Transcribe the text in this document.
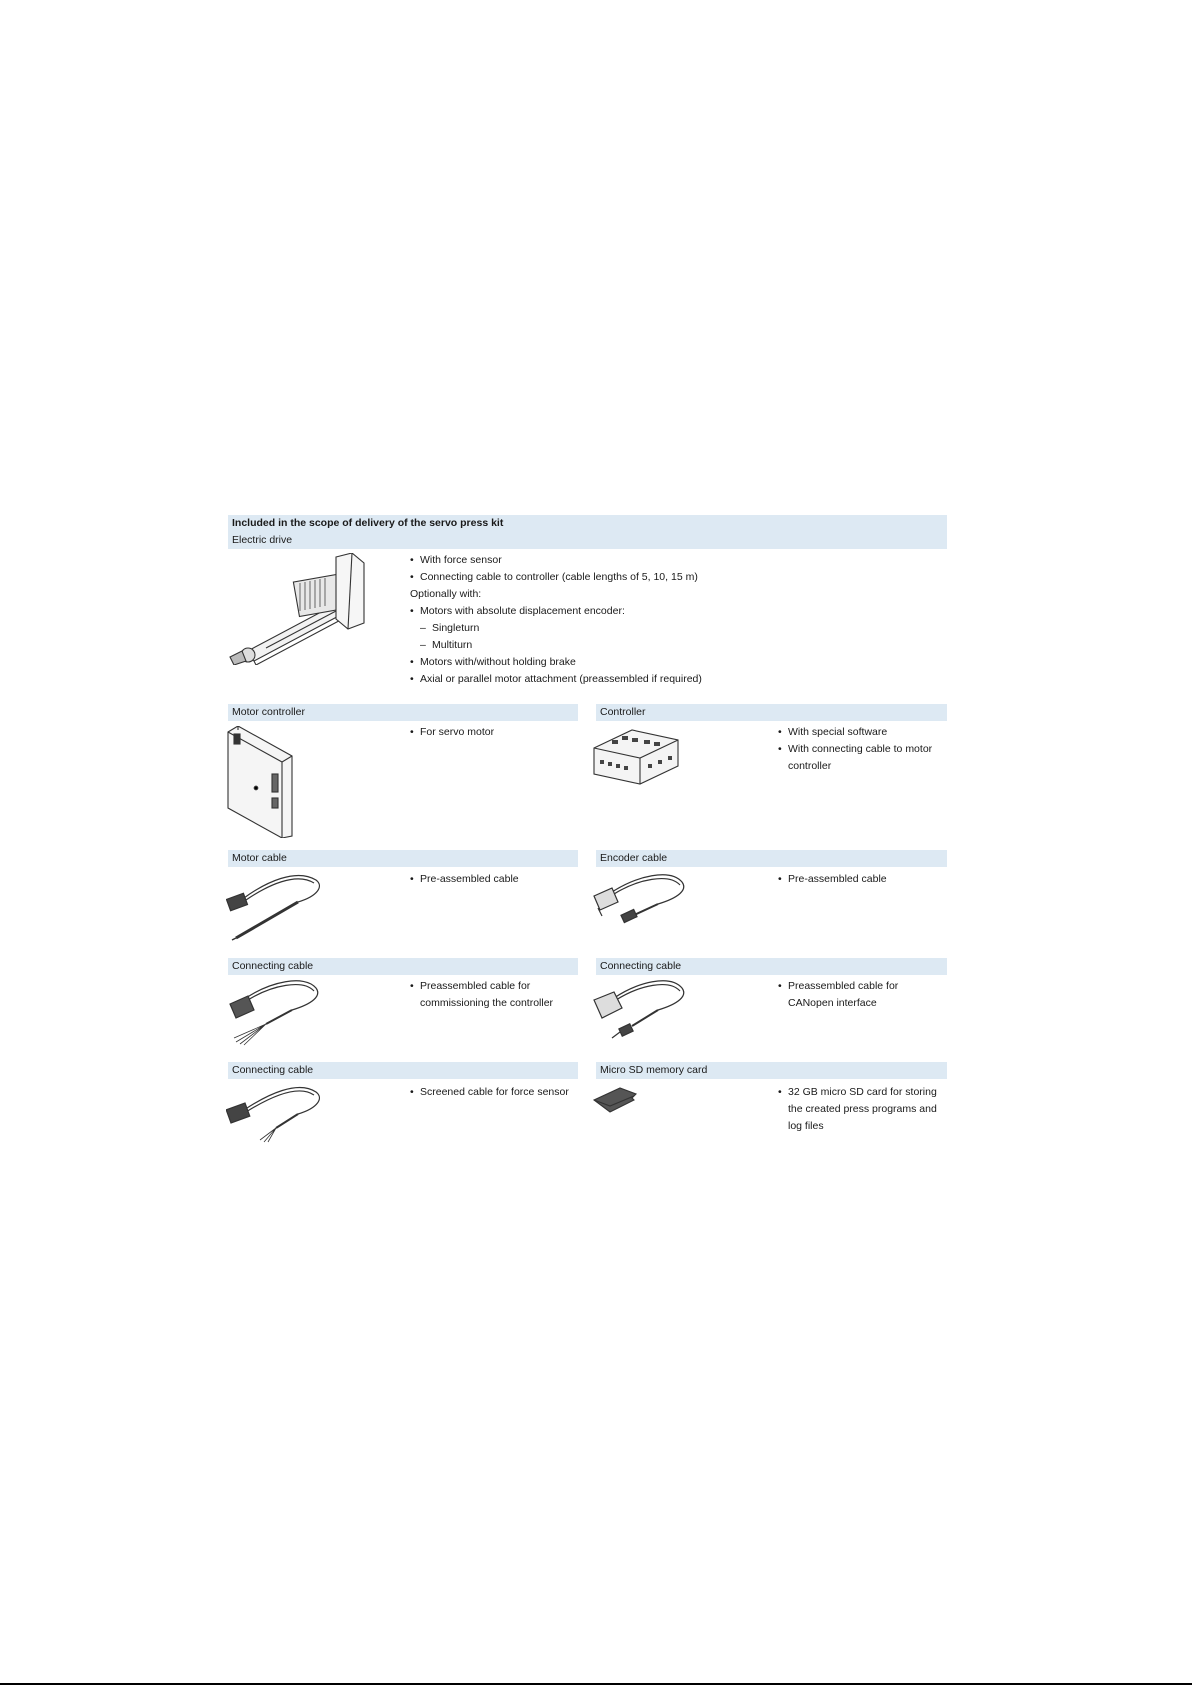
Included in the scope of delivery of the servo press kit
Electric drive
• With force sensor
• Connecting cable to controller (cable lengths of 5, 10, 15 m)
Optionally with:
• Motors with absolute displacement encoder:
– Singleturn
– Multiturn
• Motors with/without holding brake
• Axial or parallel motor attachment (preassembled if required)
Motor controller
• For servo motor
Controller
• With special software
• With connecting cable to motor controller
Motor cable
• Pre-assembled cable
Encoder cable
• Pre-assembled cable
Connecting cable
• Preassembled cable for commissioning the controller
Connecting cable
• Preassembled cable for CANopen interface
Connecting cable
• Screened cable for force sensor
Micro SD memory card
• 32 GB micro SD card for storing the created press programs and log files
